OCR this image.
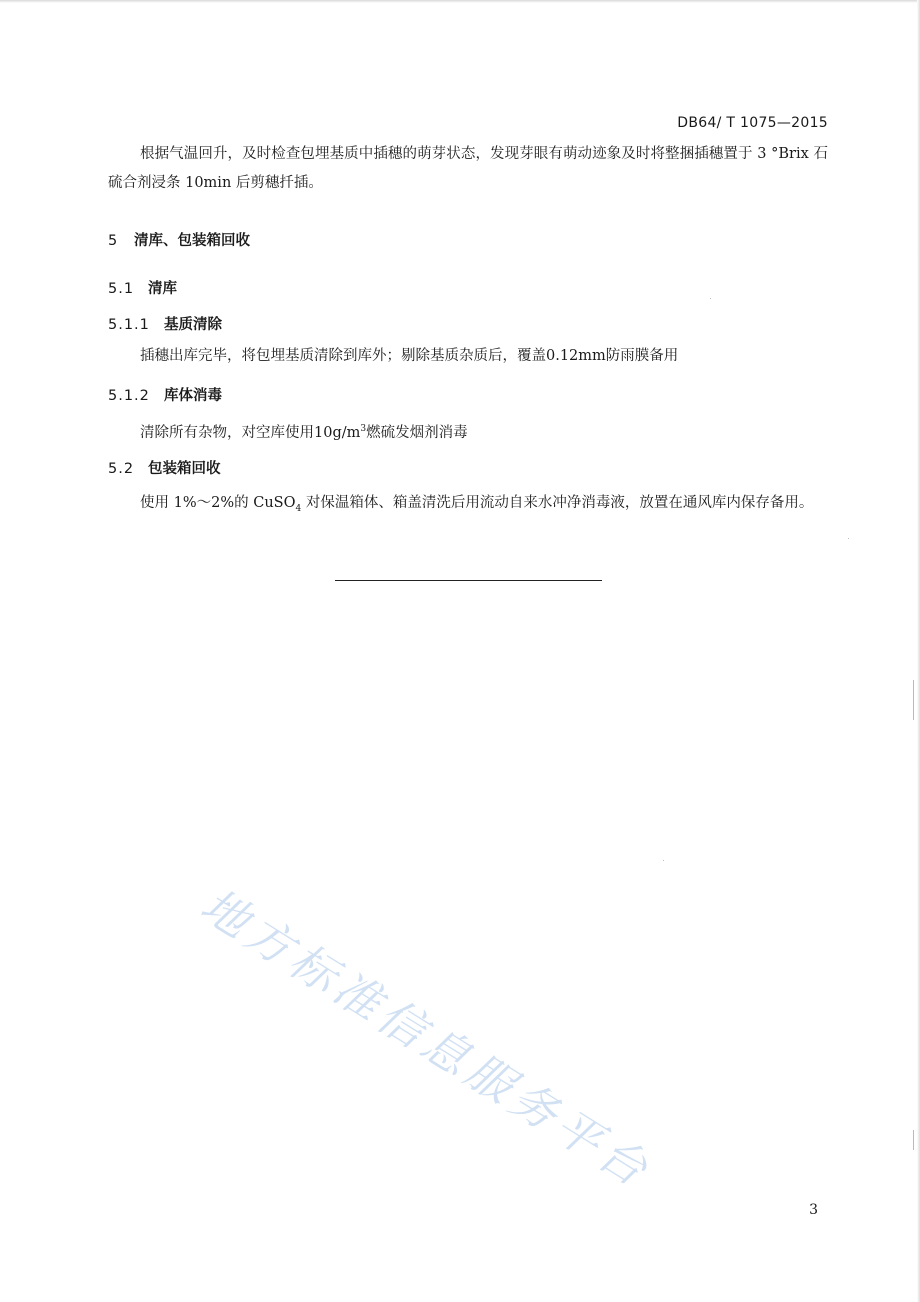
DB64/ T 1075—2015

根据气温回升，及时检查包埋基质中插穗的萌芽状态，发现芽眼有萌动迹象及时将整捆插穗置于 3 °Brix 石硫合剂浸条 10min 后剪穗扦插。

5 清库、包装箱回收
5.1 清库
5.1.1 基质清除

插穗出库完毕，将包埋基质清除到库外；剔除基质杂质后，覆盖0.12mm防雨膜备用

5.1.2 库体消毒

清除所有杂物，对空库使用$10g/m^3$燃硫发烟剂消毒

5.2 包装箱回收

使用 1%～2%的 CuSO$_4$ 对保温箱体、箱盖清洗后用流动自来水冲净消毒液，放置在通风库内保存备用。

地方标准信息服务平台
3
